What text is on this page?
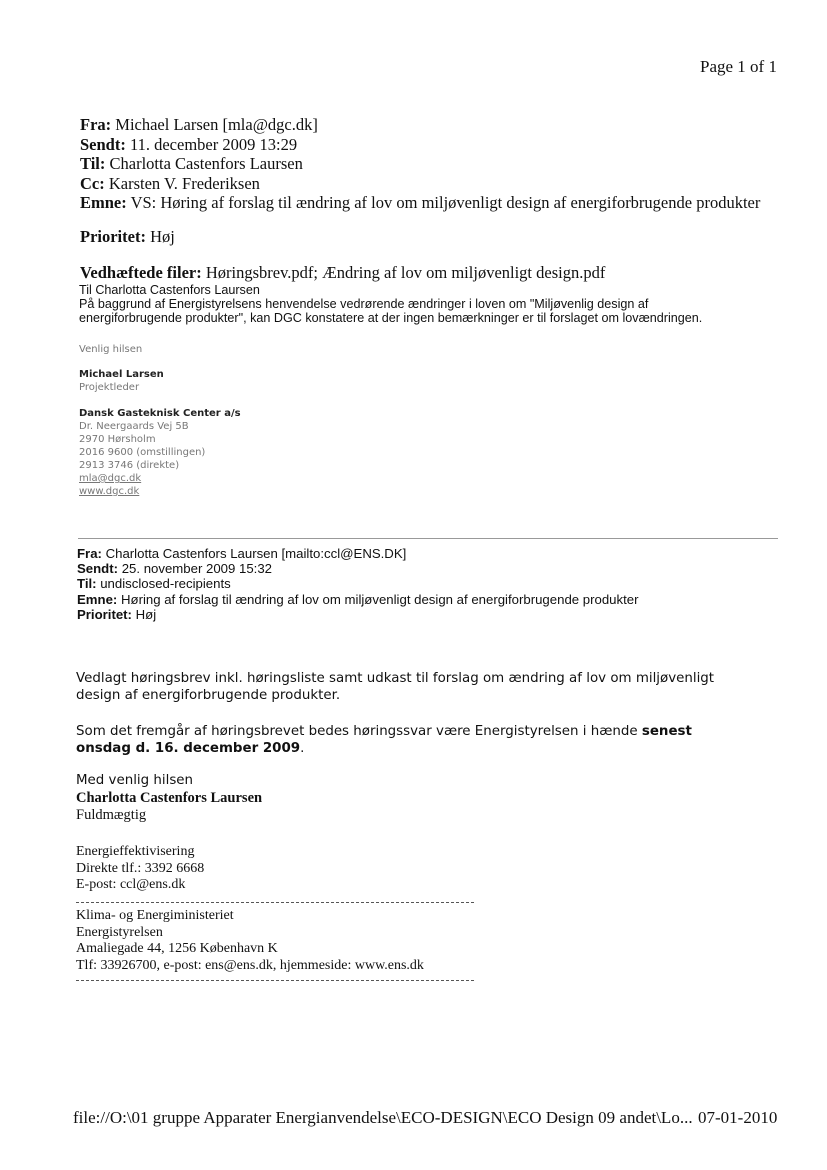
Page 1 of 1
Fra: Michael Larsen [mla@dgc.dk]
Sendt: 11. december 2009 13:29
Til: Charlotta Castenfors Laursen
Cc: Karsten V. Frederiksen
Emne: VS: Høring af forslag til ændring af lov om miljøvenligt design af energiforbrugende produkter
Prioritet: Høj
Vedhæftede filer: Høringsbrev.pdf; Ændring af lov om miljøvenligt design.pdf
Til Charlotta Castenfors Laursen
På baggrund af Energistyrelsens henvendelse vedrørende ændringer i loven om "Miljøvenlig design af
energiforbrugende produkter", kan DGC konstatere at der ingen bemærkninger er til forslaget om lovændringen.
Venlig hilsen
Michael Larsen
Projektleder
Dansk Gasteknisk Center a/s
Dr. Neergaards Vej 5B
2970 Hørsholm
2016 9600 (omstillingen)
2913 3746 (direkte)
mla@dgc.dk
www.dgc.dk
Fra: Charlotta Castenfors Laursen [mailto:ccl@ENS.DK]
Sendt: 25. november 2009 15:32
Til: undisclosed-recipients
Emne: Høring af forslag til ændring af lov om miljøvenligt design af energiforbrugende produkter
Prioritet: Høj
Vedlagt høringsbrev inkl. høringsliste samt udkast til forslag om ændring af lov om miljøvenligt
design af energiforbrugende produkter.
Som det fremgår af høringsbrevet bedes høringssvar være Energistyrelsen i hænde senest
onsdag d. 16. december 2009.
Med venlig hilsen
Charlotta Castenfors Laursen
Fuldmægtig
Energieffektivisering
Direkte tlf.: 3392 6668
E-post: ccl@ens.dk
Klima- og Energiministeriet
Energistyrelsen
Amaliegade 44, 1256 København K
Tlf: 33926700, e-post: ens@ens.dk, hjemmeside: www.ens.dk
file://O:\01 gruppe Apparater Energianvendelse\ECO-DESIGN\ECO Design 09 andet\Lo... 07-01-2010
